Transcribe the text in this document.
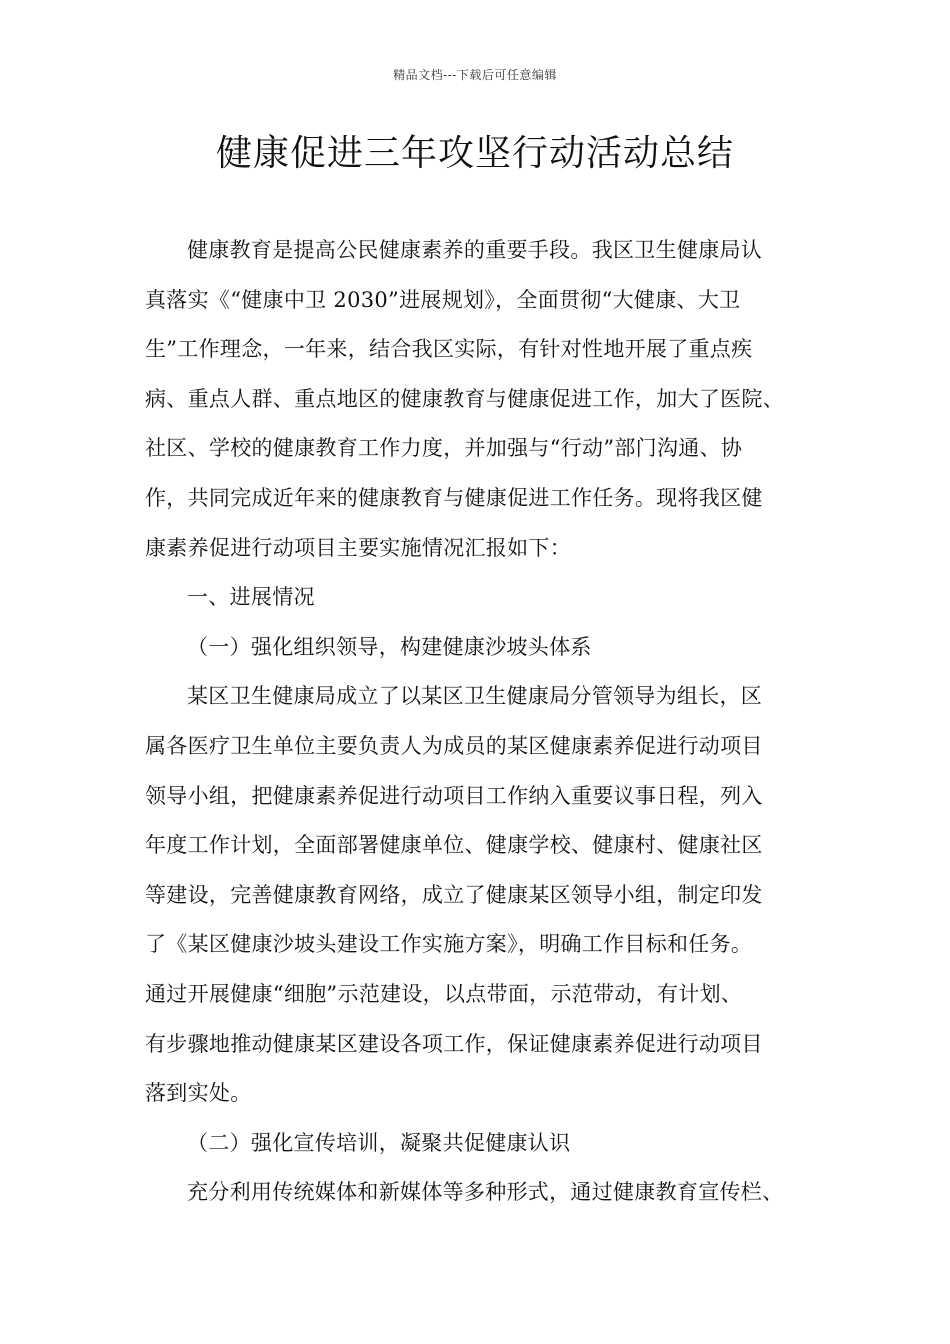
精品文档---下载后可任意编辑
健康促进三年攻坚行动活动总结
健康教育是提高公民健康素养的重要手段。我区卫生健康局认
真落实《“健康中卫 2030”进展规划》，全面贯彻“大健康、大卫
生”工作理念，一年来，结合我区实际，有针对性地开展了重点疾
病、重点人群、重点地区的健康教育与健康促进工作，加大了医院、
社区、学校的健康教育工作力度，并加强与“行动”部门沟通、协
作，共同完成近年来的健康教育与健康促进工作任务。现将我区健
康素养促进行动项目主要实施情况汇报如下：
一、进展情况
（一）强化组织领导，构建健康沙坡头体系
某区卫生健康局成立了以某区卫生健康局分管领导为组长，区
属各医疗卫生单位主要负责人为成员的某区健康素养促进行动项目
领导小组，把健康素养促进行动项目工作纳入重要议事日程，列入
年度工作计划，全面部署健康单位、健康学校、健康村、健康社区
等建设，完善健康教育网络，成立了健康某区领导小组，制定印发
了《某区健康沙坡头建设工作实施方案》，明确工作目标和任务。
通过开展健康“细胞”示范建设，以点带面，示范带动，有计划、
有步骤地推动健康某区建设各项工作，保证健康素养促进行动项目
落到实处。
（二）强化宣传培训，凝聚共促健康认识
充分利用传统媒体和新媒体等多种形式，通过健康教育宣传栏、
